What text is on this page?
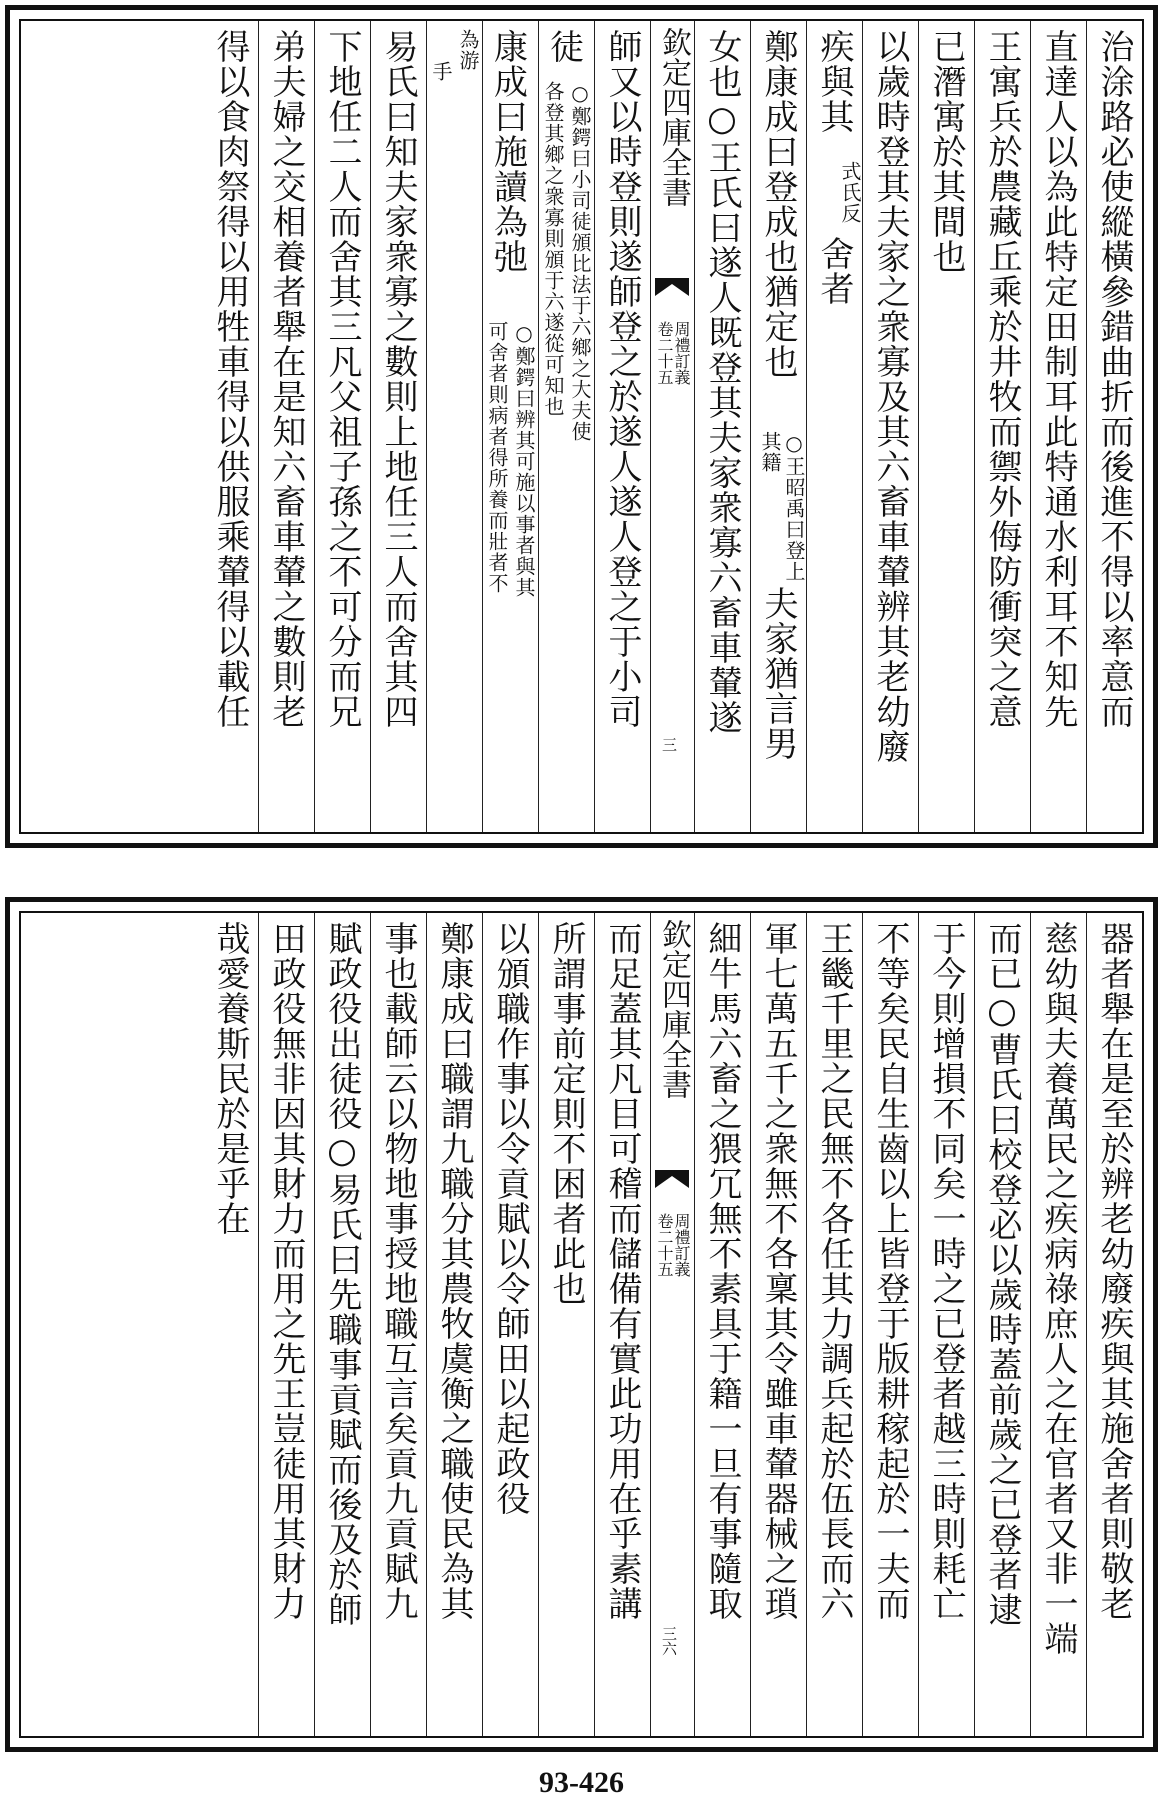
治涂路必使縱橫參錯曲折而後進不得以率意而
直達人以為此特定田制耳此特通水利耳不知先
王寓兵於農藏丘乘於井牧而禦外侮防衝突之意
已潛寓於其間也
以歲時登其夫家之衆寡及其六畜車輦辨其老幼廢
疾與其
式氏反
舍者
鄭康成曰登成也猶定也
○王昭禹曰登上其籍
夫家猶言男
女也○王氏曰遂人既登其夫家衆寡六畜車輦遂
欽定四庫全書
周禮訂義
卷二十五
三
師又以時登則遂師登之於遂人遂人登之于小司
徒
○鄭鍔曰小司徒頒比法于六鄉之大夫使
各登其鄉之衆寡則頒于六遂從可知也
康成曰施讀為弛
○鄭鍔曰辨其可施以事者與其
可舍者則病者得所養而壯者不
為游
手
易氏曰知夫家衆寡之數則上地任三人而舍其四
下地任二人而舍其三凡父祖子孫之不可分而兄
弟夫婦之交相養者舉在是知六畜車輦之數則老
得以食肉祭得以用牲車得以供服乘輦得以載任
器者舉在是至於辨老幼廢疾與其施舍者則敬老
慈幼與夫養萬民之疾病祿庶人之在官者又非一端
而已○曹氏曰校登必以歲時蓋前歲之已登者逮
于今則增損不同矣一時之已登者越三時則耗亡
不等矣民自生齒以上皆登于版耕稼起於一夫而
王畿千里之民無不各任其力調兵起於伍長而六
軍七萬五千之衆無不各稟其令雖車輦器械之瑣
細牛馬六畜之猥冗無不素具于籍一旦有事隨取
欽定四庫全書
周禮訂義
卷二十五
三六
而足蓋其凡目可稽而儲備有實此功用在乎素講
所謂事前定則不困者此也
以頒職作事以令貢賦以令師田以起政役
鄭康成曰職謂九職分其農牧虞衡之職使民為其
事也載師云以物地事授地職互言矣貢九貢賦九
賦政役出徒役○易氏曰先職事貢賦而後及於師
田政役無非因其財力而用之先王豈徒用其財力
哉愛養斯民於是乎在
93-426
